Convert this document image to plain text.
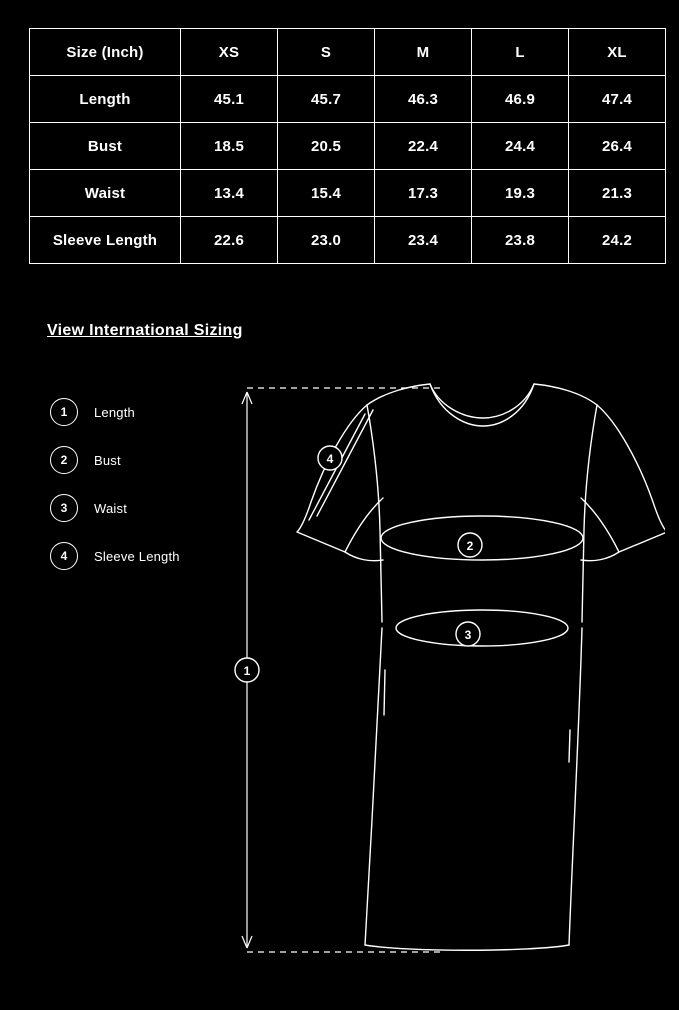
Size (Inch)	XS	S	M	L	XL
Length	45.1	45.7	46.3	46.9	47.4
Bust	18.5	20.5	22.4	24.4	26.4
Waist	13.4	15.4	17.3	19.3	21.3
Sleeve Length	22.6	23.0	23.4	23.8	24.2
View International Sizing
1	Length
2	Bust
3	Waist
4	Sleeve Length
1
2
3
4
